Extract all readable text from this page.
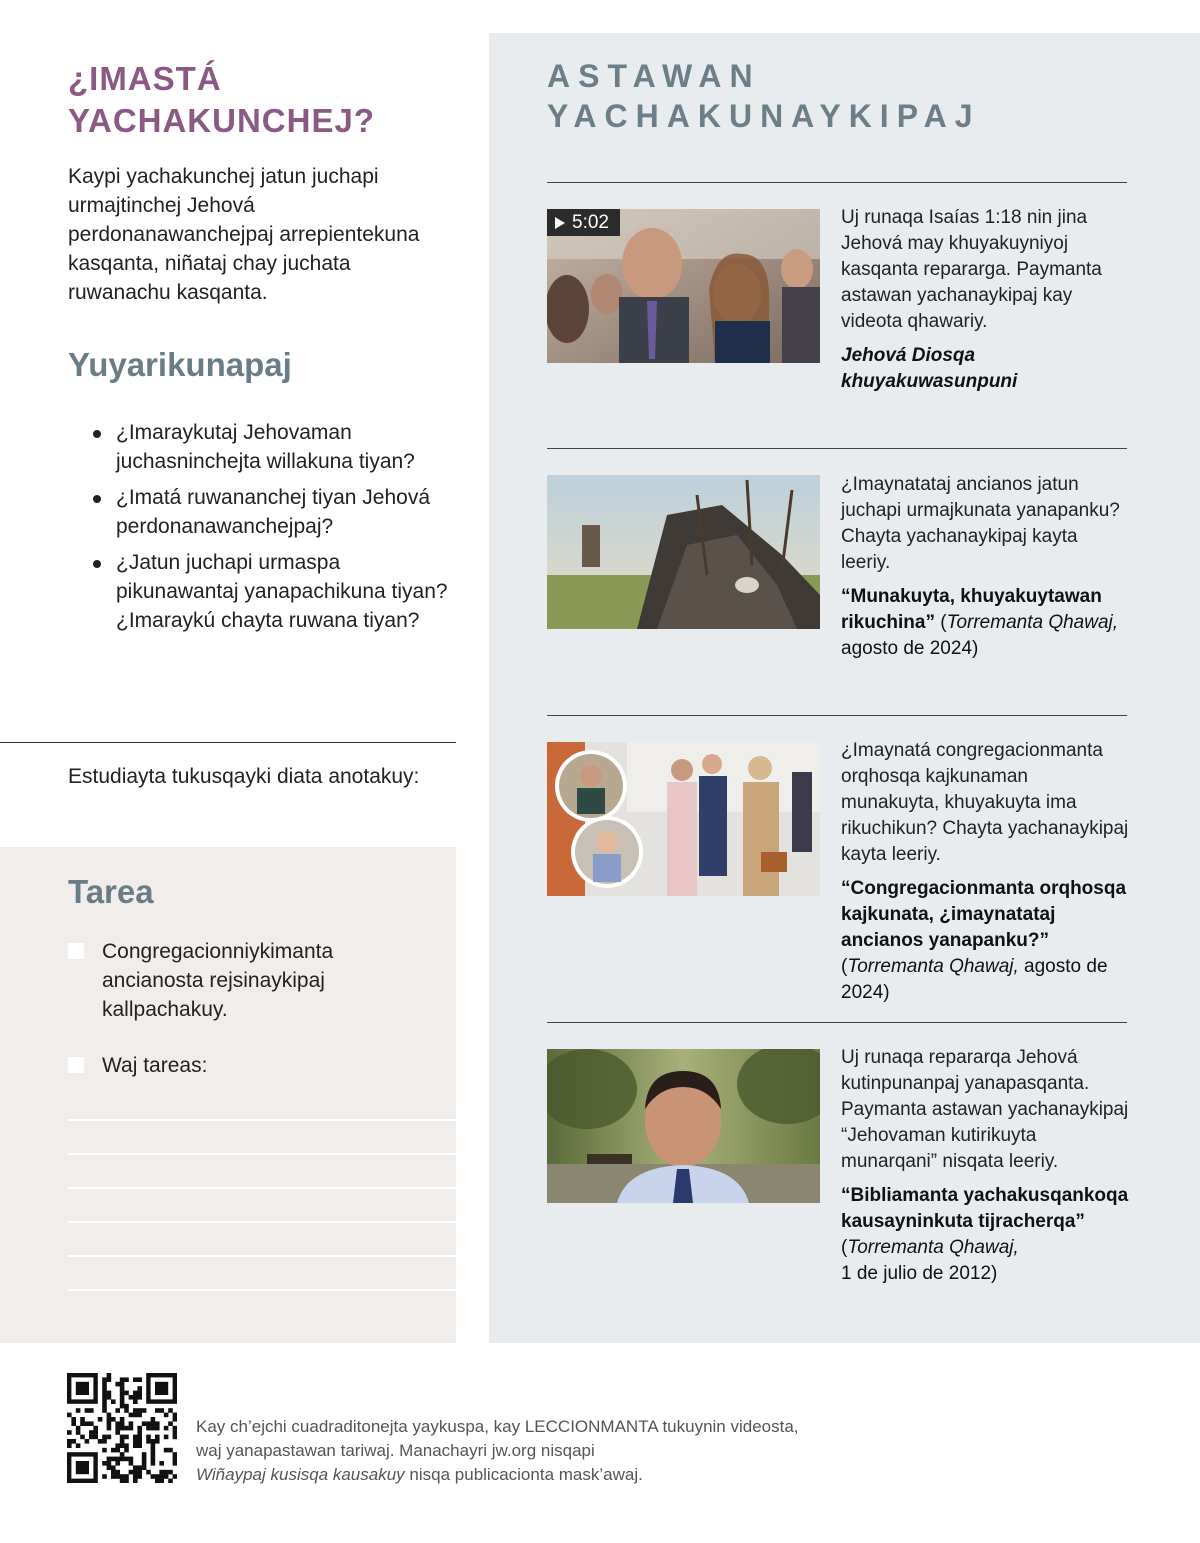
¿IMASTÁ YACHAKUNCHEJ?

Kaypi yachakunchej jatun juchapi urmajtinchej Jehová perdonanawanchejpaj arrepientekuna kasqanta, niñataj chay juchata ruwanachu kasqanta.

Yuyarikunapaj
¿Imaraykutaj Jehovaman juchasninchejta willakuna tiyan?
¿Imatá ruwananchej tiyan Jehová perdonanawanchejpaj?
¿Jatun juchapi urmaspa pikunawantaj yanapachikuna tiyan? ¿Imaraykú chayta ruwana tiyan?
Estudiayta tukusqayki diata anotakuy:
Tarea
Congregacionniykimanta ancianosta rejsinaykipaj kallpachakuy.
Waj tareas:
ASTAWAN YACHAKUNAYKIPAJ
5:02	Uj runaqa Isaías 1:18 nin jina Jehová may khuyakuyniyoj kasqanta reparargа. Paymanta astawan yachanaykipaj kay videota qhawariy.

Jehová Diosqa khuyakuwasunpuni

¿Imaynatataj ancianos jatun juchapi urmajkunata yanapanku? Chayta yachanaykipaj kayta leeriy.

“Munakuyta, khuyakuytawan rikuchina” (Torremanta Qhawaj, agosto de 2024)

¿Imaynatá congregacionmanta orqhosqa kajkunaman munakuyta, khuyakuyta ima rikuchikun? Chayta yachanaykipaj kayta leeriy.

“Congregacionmanta orqhosqa kajkunata, ¿imaynatataj ancianos yanapanku?” (Torremanta Qhawaj, agosto de 2024)

Uj runaqa repararqa Jehová kutinpunanpaj yanapasqanta. Paymanta astawan yachanaykipaj “Jehovaman kutirikuyta munarqani” nisqata leeriy.

“Bibliamanta yachakusqankoqa kausayninkuta tijracherqa”
(Torremanta Qhawaj,
1 de julio de 2012)

Kay ch’ejchi cuadraditonejta yaykuspa, kay LECCIONMANTA tukuynin videosta, waj yanapastawan tariwaj. Manachayri jw.org nisqapi
Wiñaypaj kusisqa kausakuy nisqa publicacionta mask’awaj.
